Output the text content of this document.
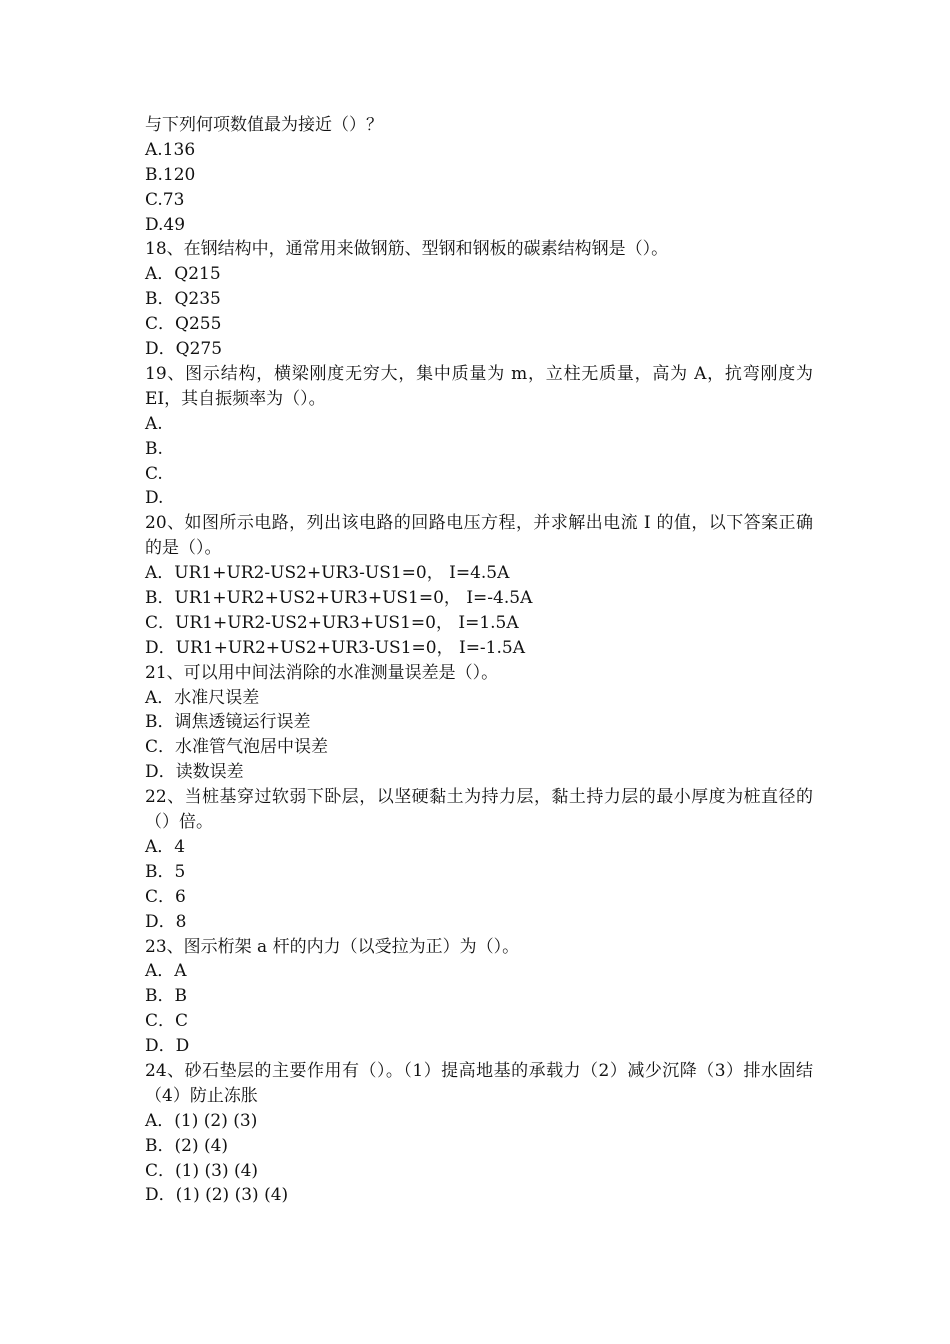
与下列何项数值最为接近（）？
A.136
B.120
C.73
D.49
18、在钢结构中，通常用来做钢筋、型钢和钢板的碳素结构钢是（）。
A．Q215
B．Q235
C．Q255
D．Q275
19、图示结构，横梁刚度无穷大，集中质量为 m，立柱无质量，高为 A，抗弯刚度为 EI，其自振频率为（）。
A.
B.
C.
D.
20、如图所示电路，列出该电路的回路电压方程，并求解出电流 I 的值，以下答案正确的是（）。
A．UR1+UR2-US2+UR3-US1=0， I=4.5A
B．UR1+UR2+US2+UR3+US1=0， I=-4.5A
C．UR1+UR2-US2+UR3+US1=0， I=1.5A
D．UR1+UR2+US2+UR3-US1=0， I=-1.5A
21、可以用中间法消除的水准测量误差是（）。
A．水准尺误差
B．调焦透镜运行误差
C．水准管气泡居中误差
D．读数误差
22、当桩基穿过软弱下卧层，以坚硬黏土为持力层，黏土持力层的最小厚度为桩直径的（）倍。
A．4
B．5
C．6
D．8
23、图示桁架 a 杆的内力（以受拉为正）为（）。
A．A
B．B
C．C
D．D
24、砂石垫层的主要作用有（）。（1）提高地基的承载力（2）减少沉降（3）排水固结（4）防止冻胀
A．(1) (2) (3)
B．(2) (4)
C．(1) (3) (4)
D．(1) (2) (3) (4)
